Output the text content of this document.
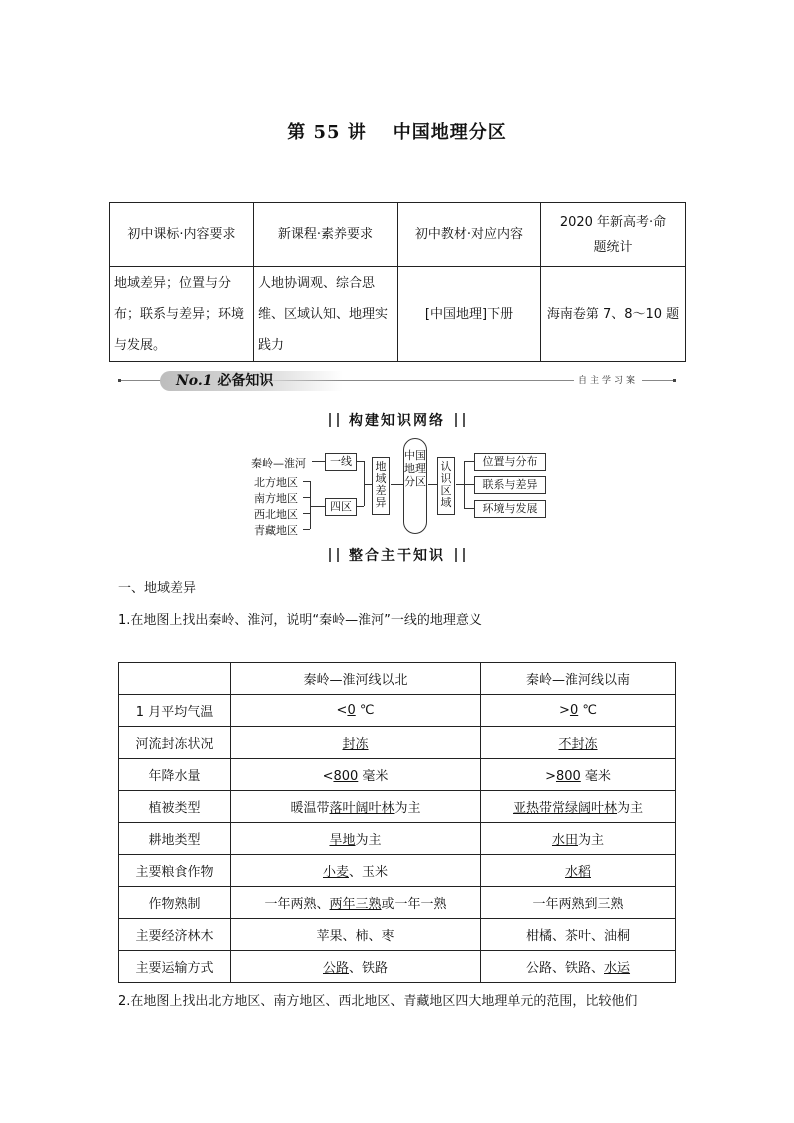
第 55 讲 中国地理分区
初中课标·内容要求	新课程·素养要求	初中教材·对应内容	2020 年新高考·命题统计
地域差异；位置与分布；联系与差异；环境与发展。	人地协调观、综合思维、区域认知、地理实践力	[中国地理]下册	海南卷第 7、8～10 题
No.1 必备知识	自主学习案
构建知识网络
秦岭—淮河	一线
北方地区
南方地区
西北地区
青藏地区
四区
地域差异
中国地理分区
认识区域
位置与分布
联系与差异
环境与发展
整合主干知识
一、地域差异
1.在地图上找出秦岭、淮河，说明“秦岭—淮河”一线的地理意义
	秦岭—淮河线以北	秦岭—淮河线以南
1 月平均气温	<0 ℃	>0 ℃
河流封冻状况	封冻	不封冻
年降水量	<800 毫米	>800 毫米
植被类型	暖温带落叶阔叶林为主	亚热带常绿阔叶林为主
耕地类型	旱地为主	水田为主
主要粮食作物	小麦、玉米	水稻
作物熟制	一年两熟、两年三熟或一年一熟	一年两熟到三熟
主要经济林木	苹果、柿、枣	柑橘、茶叶、油桐
主要运输方式	公路、铁路	公路、铁路、水运
2.在地图上找出北方地区、南方地区、西北地区、青藏地区四大地理单元的范围，比较他们
